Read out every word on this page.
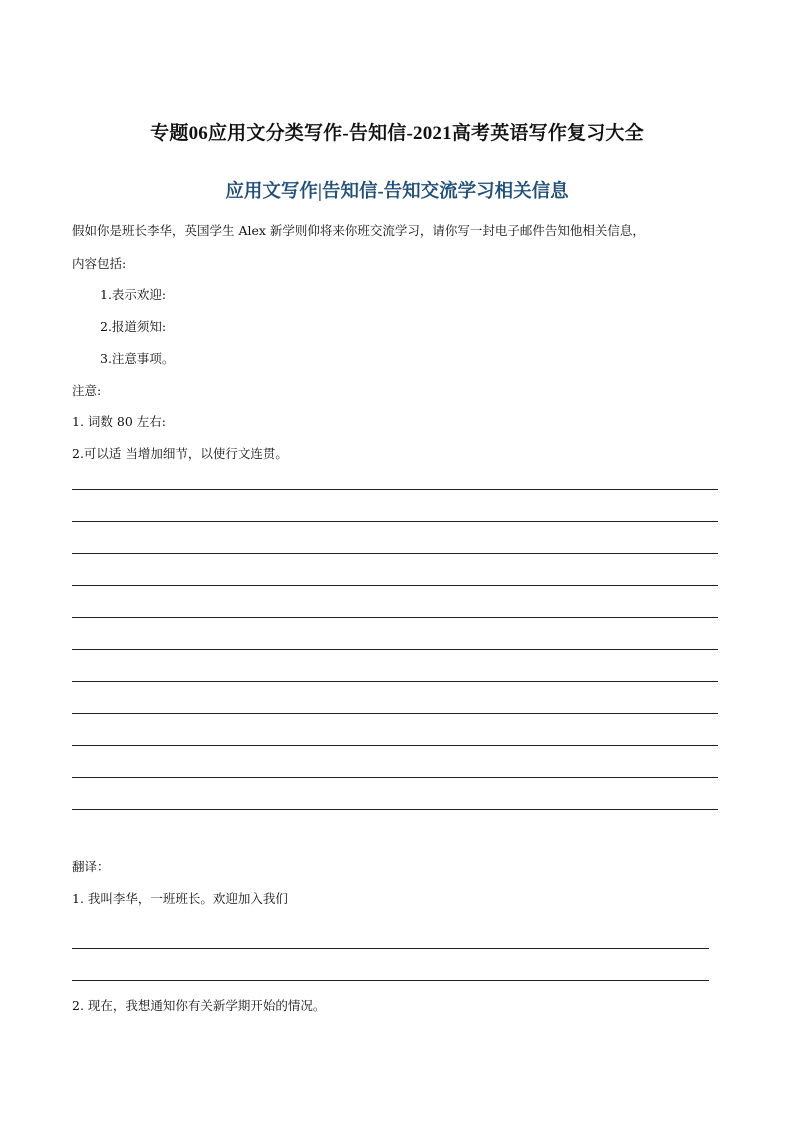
专题06应用文分类写作-告知信-2021高考英语写作复习大全
应用文写作|告知信-告知交流学习相关信息
假如你是班长李华，英国学生 Alex 新学则仰将来你班交流学习，请你写一封电子邮件告知他相关信息，
内容包括:
1.表示欢迎:
2.报道须知:
3.注意事项。
注意:
1. 词数 80 左右:
2.可以适 当增加细节，以使行文连贯。
翻译：
1. 我叫李华，一班班长。欢迎加入我们
2. 现在，我想通知你有关新学期开始的情况。
